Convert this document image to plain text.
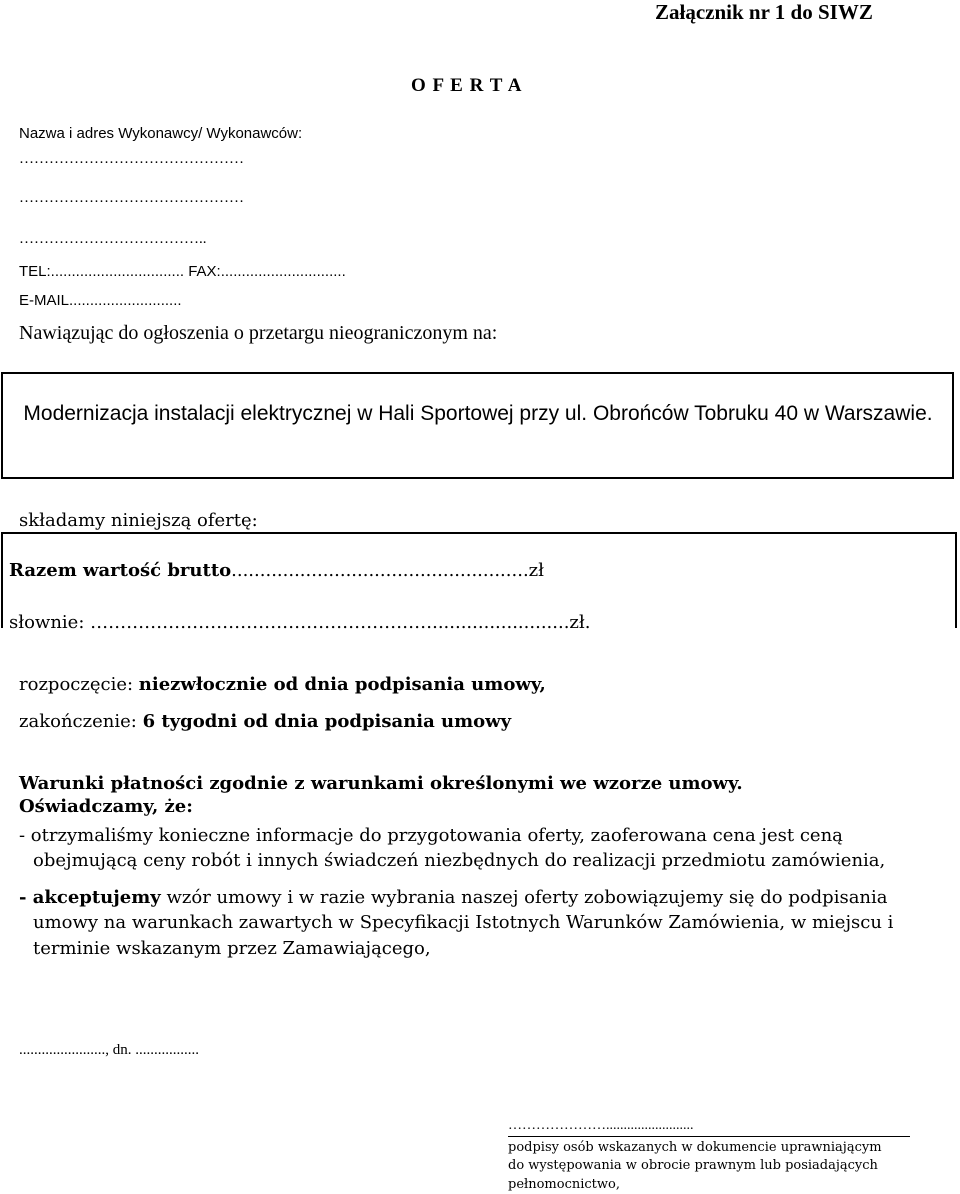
Załącznik nr 1 do SIWZ
O F E R T A
Nazwa i adres Wykonawcy/ Wykonawców:
………………………………………
………………………………………
………………………………..
TEL:................................ FAX:..............................
E-MAIL...........................
Nawiązując do ogłoszenia o przetargu nieograniczonym na:
Modernizacja instalacji elektrycznej w Hali Sportowej przy ul. Obrońców Tobruku 40 w Warszawie.
składamy niniejszą ofertę:
Razem wartość brutto....................................................zł
słownie: …………………………………………………........................zł.
rozpoczęcie: niezwłocznie od dnia podpisania umowy,
zakończenie: 6 tygodni od dnia podpisania umowy
Warunki płatności zgodnie z warunkami określonymi we wzorze umowy.
Oświadczamy, że:
- otrzymaliśmy konieczne informacje do przygotowania oferty, zaoferowana cena jest ceną
obejmującą ceny robót i innych świadczeń niezbędnych do realizacji przedmiotu zamówienia,
- akceptujemy wzór umowy i w razie wybrania naszej oferty zobowiązujemy się do podpisania
umowy na warunkach zawartych w Specyfikacji Istotnych Warunków Zamówienia, w miejscu i
terminie wskazanym przez Zamawiającego,
......................., dn. .................
………………….........................
podpisy osób wskazanych w dokumencie uprawniającym
do występowania w obrocie prawnym lub posiadających
pełnomocnictwo,
